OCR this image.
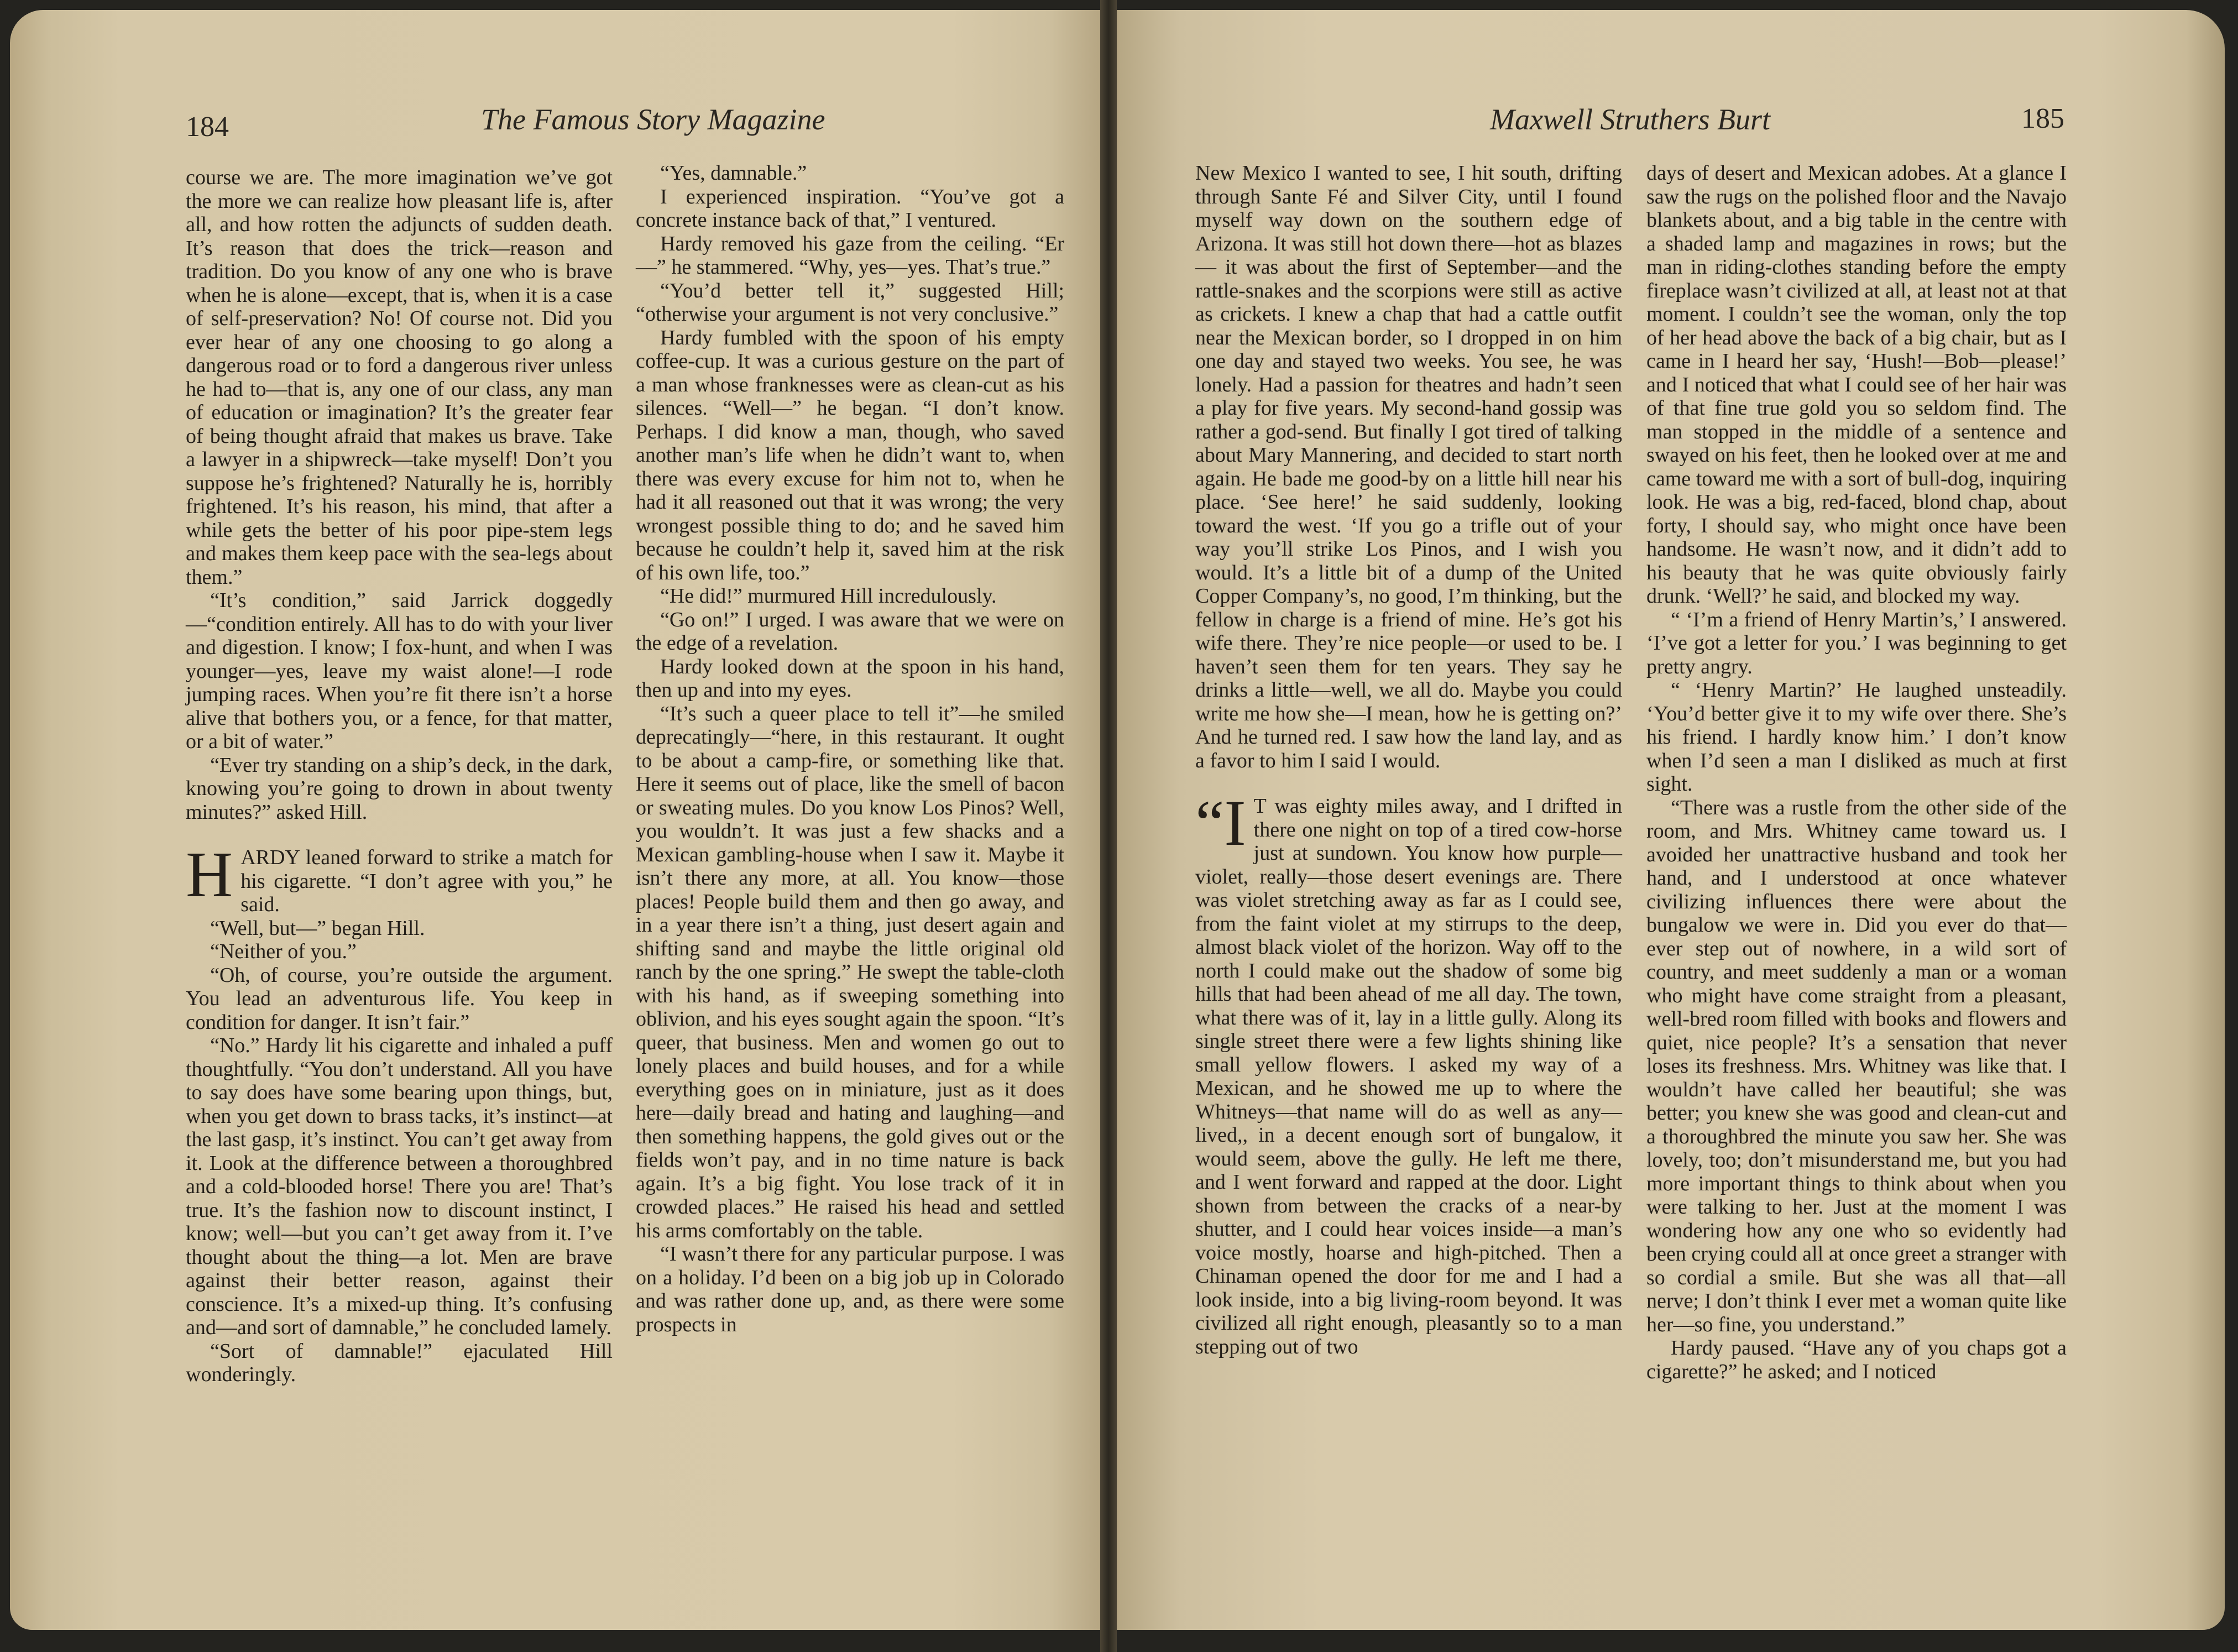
184	The Famous Story Magazine

course we are. The more imagination we’ve got the more we can realize how pleasant life is, after all, and how rotten the adjuncts of sudden death. It’s reason that does the trick—reason and tradition. Do you know of any one who is brave when he is alone—except, that is, when it is a case of self-preservation? No! Of course not. Did you ever hear of any one choosing to go along a dangerous road or to ford a dangerous river unless he had to—that is, any one of our class, any man of education or imagination? It’s the greater fear of being thought afraid that makes us brave. Take a lawyer in a shipwreck—take myself! Don’t you suppose he’s frightened? Naturally he is, horribly frightened. It’s his reason, his mind, that after a while gets the better of his poor pipe-stem legs and makes them keep pace with the sea-legs about them.”

“It’s condition,” said Jarrick doggedly—“condition entirely. All has to do with your liver and digestion. I know; I fox-hunt, and when I was younger—yes, leave my waist alone!—I rode jumping races. When you’re fit there isn’t a horse alive that bothers you, or a fence, for that matter, or a bit of water.”

“Ever try standing on a ship’s deck, in the dark, knowing you’re going to drown in about twenty minutes?” asked Hill.

HARDY leaned forward to strike a match for his cigarette. “I don’t agree with you,” he said.

“Well, but—” began Hill.

“Neither of you.”

“Oh, of course, you’re outside the argument. You lead an adventurous life. You keep in condition for danger. It isn’t fair.”

“No.” Hardy lit his cigarette and inhaled a puff thoughtfully. “You don’t understand. All you have to say does have some bearing upon things, but, when you get down to brass tacks, it’s instinct—at the last gasp, it’s instinct. You can’t get away from it. Look at the difference between a thoroughbred and a cold-blooded horse! There you are! That’s true. It’s the fashion now to discount instinct, I know; well—but you can’t get away from it. I’ve thought about the thing—a lot. Men are brave against their better reason, against their conscience. It’s a mixed-up thing. It’s confusing and—and sort of damnable,” he concluded lamely.

“Sort of damnable!” ejaculated Hill wonderingly.

“Yes, damnable.”

I experienced inspiration. “You’ve got a concrete instance back of that,” I ventured.

Hardy removed his gaze from the ceiling. “Er—” he stammered. “Why, yes—yes. That’s true.”

“You’d better tell it,” suggested Hill; “otherwise your argument is not very conclusive.”

Hardy fumbled with the spoon of his empty coffee-cup. It was a curious gesture on the part of a man whose franknesses were as clean-cut as his silences. “Well—” he began. “I don’t know. Perhaps. I did know a man, though, who saved another man’s life when he didn’t want to, when there was every excuse for him not to, when he had it all reasoned out that it was wrong; the very wrongest possible thing to do; and he saved him because he couldn’t help it, saved him at the risk of his own life, too.”

“He did!” murmured Hill incredulously.

“Go on!” I urged. I was aware that we were on the edge of a revelation.

Hardy looked down at the spoon in his hand, then up and into my eyes.

“It’s such a queer place to tell it”—he smiled deprecatingly—“here, in this restaurant. It ought to be about a camp-fire, or something like that. Here it seems out of place, like the smell of bacon or sweating mules. Do you know Los Pinos? Well, you wouldn’t. It was just a few shacks and a Mexican gambling-house when I saw it. Maybe it isn’t there any more, at all. You know—those places! People build them and then go away, and in a year there isn’t a thing, just desert again and shifting sand and maybe the little original old ranch by the one spring.” He swept the table-cloth with his hand, as if sweeping something into oblivion, and his eyes sought again the spoon. “It’s queer, that business. Men and women go out to lonely places and build houses, and for a while everything goes on in miniature, just as it does here—daily bread and hating and laughing—and then something happens, the gold gives out or the fields won’t pay, and in no time nature is back again. It’s a big fight. You lose track of it in crowded places.” He raised his head and settled his arms comfortably on the table.

“I wasn’t there for any particular purpose. I was on a holiday. I’d been on a big job up in Colorado and was rather done up, and, as there were some prospects in

Maxwell Struthers Burt	185

New Mexico I wanted to see, I hit south, drifting through Sante Fé and Silver City, until I found myself way down on the southern edge of Arizona. It was still hot down there—hot as blazes— it was about the first of September—and the rattle-snakes and the scorpions were still as active as crickets. I knew a chap that had a cattle outfit near the Mexican border, so I dropped in on him one day and stayed two weeks. You see, he was lonely. Had a passion for theatres and hadn’t seen a play for five years. My second-hand gossip was rather a god-send. But finally I got tired of talking about Mary Mannering, and decided to start north again. He bade me good-by on a little hill near his place. ‘See here!’ he said suddenly, looking toward the west. ‘If you go a trifle out of your way you’ll strike Los Pinos, and I wish you would. It’s a little bit of a dump of the United Copper Company’s, no good, I’m thinking, but the fellow in charge is a friend of mine. He’s got his wife there. They’re nice people—or used to be. I haven’t seen them for ten years. They say he drinks a little—well, we all do. Maybe you could write me how she—I mean, how he is getting on?’ And he turned red. I saw how the land lay, and as a favor to him I said I would.

“I T was eighty miles away, and I drifted in there one night on top of a tired cow-horse just at sundown. You know how purple—violet, really—those desert evenings are. There was violet stretching away as far as I could see, from the faint violet at my stirrups to the deep, almost black violet of the horizon. Way off to the north I could make out the shadow of some big hills that had been ahead of me all day. The town, what there was of it, lay in a little gully. Along its single street there were a few lights shining like small yellow flowers. I asked my way of a Mexican, and he showed me up to where the Whitneys—that name will do as well as any—lived,, in a decent enough sort of bungalow, it would seem, above the gully. He left me there, and I went forward and rapped at the door. Light shown from between the cracks of a near-by shutter, and I could hear voices inside—a man’s voice mostly, hoarse and high-pitched. Then a Chinaman opened the door for me and I had a look inside, into a big living-room beyond. It was civilized all right enough, pleasantly so to a man stepping out of two

days of desert and Mexican adobes. At a glance I saw the rugs on the polished floor and the Navajo blankets about, and a big table in the centre with a shaded lamp and magazines in rows; but the man in riding-clothes standing before the empty fireplace wasn’t civilized at all, at least not at that moment. I couldn’t see the woman, only the top of her head above the back of a big chair, but as I came in I heard her say, ‘Hush!—Bob—please!’ and I noticed that what I could see of her hair was of that fine true gold you so seldom find. The man stopped in the middle of a sentence and swayed on his feet, then he looked over at me and came toward me with a sort of bull-dog, inquiring look. He was a big, red-faced, blond chap, about forty, I should say, who might once have been handsome. He wasn’t now, and it didn’t add to his beauty that he was quite obviously fairly drunk. ‘Well?’ he said, and blocked my way.

“ ‘I’m a friend of Henry Martin’s,’ I answered. ‘I’ve got a letter for you.’ I was beginning to get pretty angry.

“ ‘Henry Martin?’ He laughed unsteadily. ‘You’d better give it to my wife over there. She’s his friend. I hardly know him.’ I don’t know when I’d seen a man I disliked as much at first sight.

“There was a rustle from the other side of the room, and Mrs. Whitney came toward us. I avoided her unattractive husband and took her hand, and I understood at once whatever civilizing influences there were about the bungalow we were in. Did you ever do that—ever step out of nowhere, in a wild sort of country, and meet suddenly a man or a woman who might have come straight from a pleasant, well-bred room filled with books and flowers and quiet, nice people? It’s a sensation that never loses its freshness. Mrs. Whitney was like that. I wouldn’t have called her beautiful; she was better; you knew she was good and clean-cut and a thoroughbred the minute you saw her. She was lovely, too; don’t misunderstand me, but you had more important things to think about when you were talking to her. Just at the moment I was wondering how any one who so evidently had been crying could all at once greet a stranger with so cordial a smile. But she was all that—all nerve; I don’t think I ever met a woman quite like her—so fine, you understand.”

Hardy paused. “Have any of you chaps got a cigarette?” he asked; and I noticed
